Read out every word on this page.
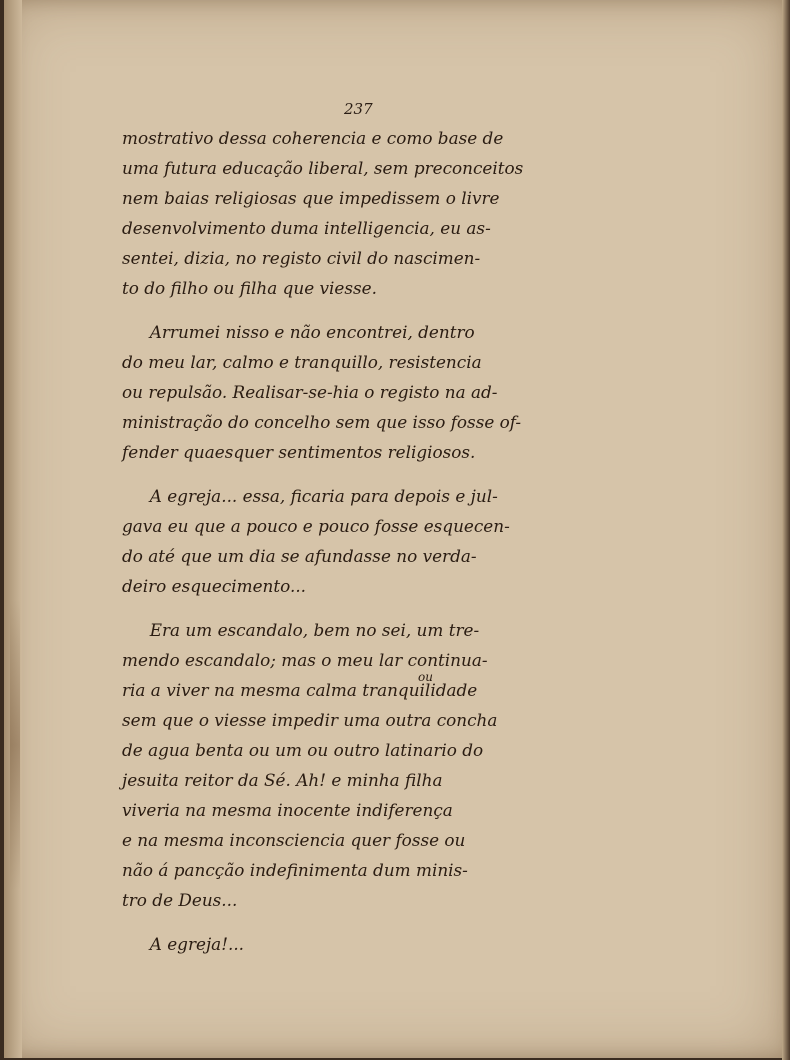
237
mostrativo dessa coherencia e como base de
uma futura educação liberal, sem preconceitos
nem baias religiosas que impedissem o livre
desenvolvimento duma intelligencia, eu as-
sentei, dizia, no registo civil do nascimen-
to do filho ou filha que viesse.
Arrumei nisso e não encontrei, dentro
do meu lar, calmo e tranquillo, resistencia
ou repulsão. Realisar-se-hia o registo na ad-
ministração do concelho sem que isso fosse of-
fender quaesquer sentimentos religiosos.
A egreja... essa, ficaria para depois e jul-
gava eu que a pouco e pouco fosse esquecen-
do até que um dia se afundasse no verda-
deiro esquecimento...
Era um escandalo, bem no sei, um tre-
mendo escandalo; mas o meu lar continua-
ria a viver na mesma calma tranquilidade
sem que o viesse impedir uma outra concha
de agua benta ou um ou outro latinario do
jesuita reitor da Sé. Ah! e minha filha
viveria na mesma inocente indiferença
e na mesma inconsciencia quer fosse ou
não á pancção indefinimenta dum minis-
tro de Deus...
A egreja!...
ou
